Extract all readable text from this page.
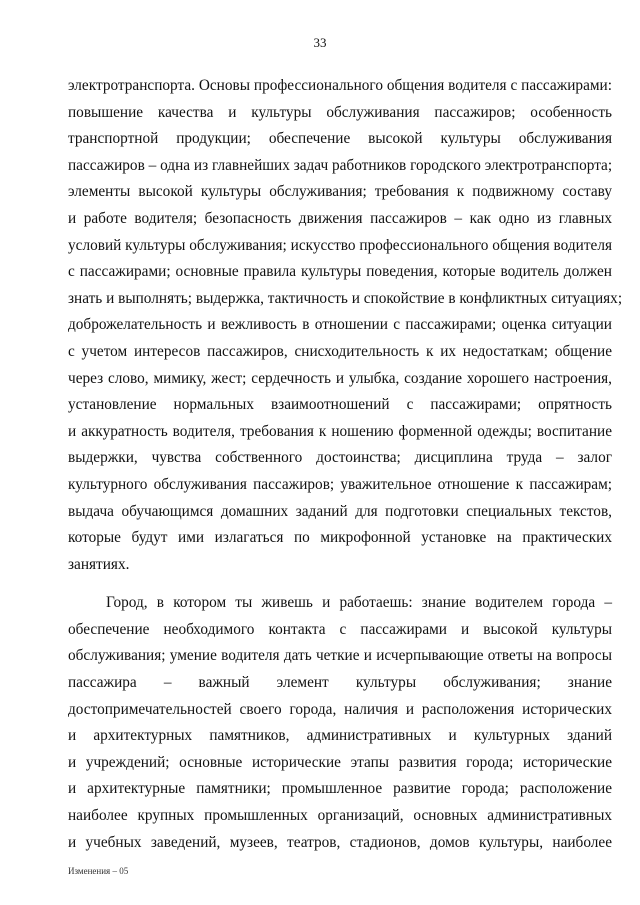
33
электротранспорта. Основы профессионального общения водителя с пассажирами:
повышение качества и культуры обслуживания пассажиров; особенность
транспортной продукции; обеспечение высокой культуры обслуживания
пассажиров – одна из главнейших задач работников городского электротранспорта;
элементы высокой культуры обслуживания; требования к подвижному составу
и работе водителя; безопасность движения пассажиров – как одно из главных
условий культуры обслуживания; искусство профессионального общения водителя
с пассажирами; основные правила культуры поведения, которые водитель должен
знать и выполнять; выдержка, тактичность и спокойствие в конфликтных ситуациях;
доброжелательность и вежливость в отношении с пассажирами; оценка ситуации
с учетом интересов пассажиров, снисходительность к их недостаткам; общение
через слово, мимику, жест; сердечность и улыбка, создание хорошего настроения,
установление нормальных взаимоотношений с пассажирами; опрятность
и аккуратность водителя, требования к ношению форменной одежды; воспитание
выдержки, чувства собственного достоинства; дисциплина труда – залог
культурного обслуживания пассажиров; уважительное отношение к пассажирам;
выдача обучающимся домашних заданий для подготовки специальных текстов,
которые будут ими излагаться по микрофонной установке на практических
занятиях.
Город, в котором ты живешь и работаешь: знание водителем города –
обеспечение необходимого контакта с пассажирами и высокой культуры
обслуживания; умение водителя дать четкие и исчерпывающие ответы на вопросы
пассажира – важный элемент культуры обслуживания; знание
достопримечательностей своего города, наличия и расположения исторических
и архитектурных памятников, административных и культурных зданий
и учреждений; основные исторические этапы развития города; исторические
и архитектурные памятники; промышленное развитие города; расположение
наиболее крупных промышленных организаций, основных административных
и учебных заведений, музеев, театров, стадионов, домов культуры, наиболее
Изменения – 05
